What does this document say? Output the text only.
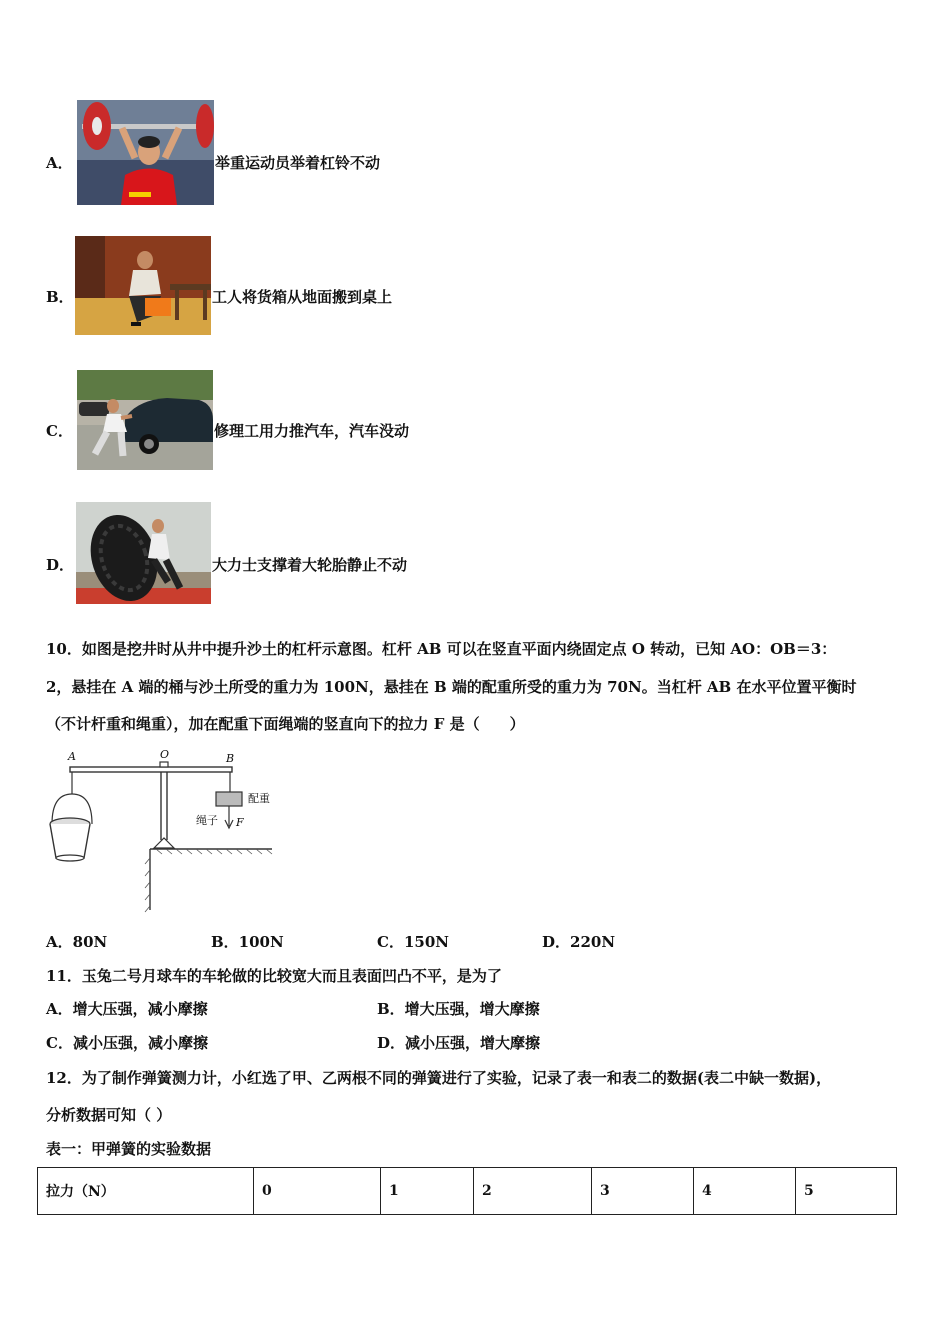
A．	举重运动员举着杠铃不动
B．	工人将货箱从地面搬到桌上
C．	修理工用力推汽车，汽车没动
D．	大力士支撑着大轮胎静止不动
10．如图是挖井时从井中提升沙土的杠杆示意图。杠杆 AB 可以在竖直平面内绕固定点 O 转动，已知 AO：OB＝3：
2，悬挂在 A 端的桶与沙土所受的重力为 100N，悬挂在 B 端的配重所受的重力为 70N。当杠杆 AB 在水平位置平衡时
（不计杆重和绳重），加在配重下面绳端的竖直向下的拉力 F 是（　　）
A	O	B
配重
绳子 F
A．80N	B．100N	C．150N	D．220N
11．玉兔二号月球车的车轮做的比较宽大而且表面凹凸不平，是为了
A．增大压强，减小摩擦	B．增大压强，增大摩擦
C．减小压强，减小摩擦	D．减小压强，增大摩擦
12．为了制作弹簧测力计，小红选了甲、乙两根不同的弹簧进行了实验，记录了表一和表二的数据(表二中缺一数据)，
分析数据可知（ ）
表一：甲弹簧的实验数据
拉力（N）	0	1	2	3	4	5
